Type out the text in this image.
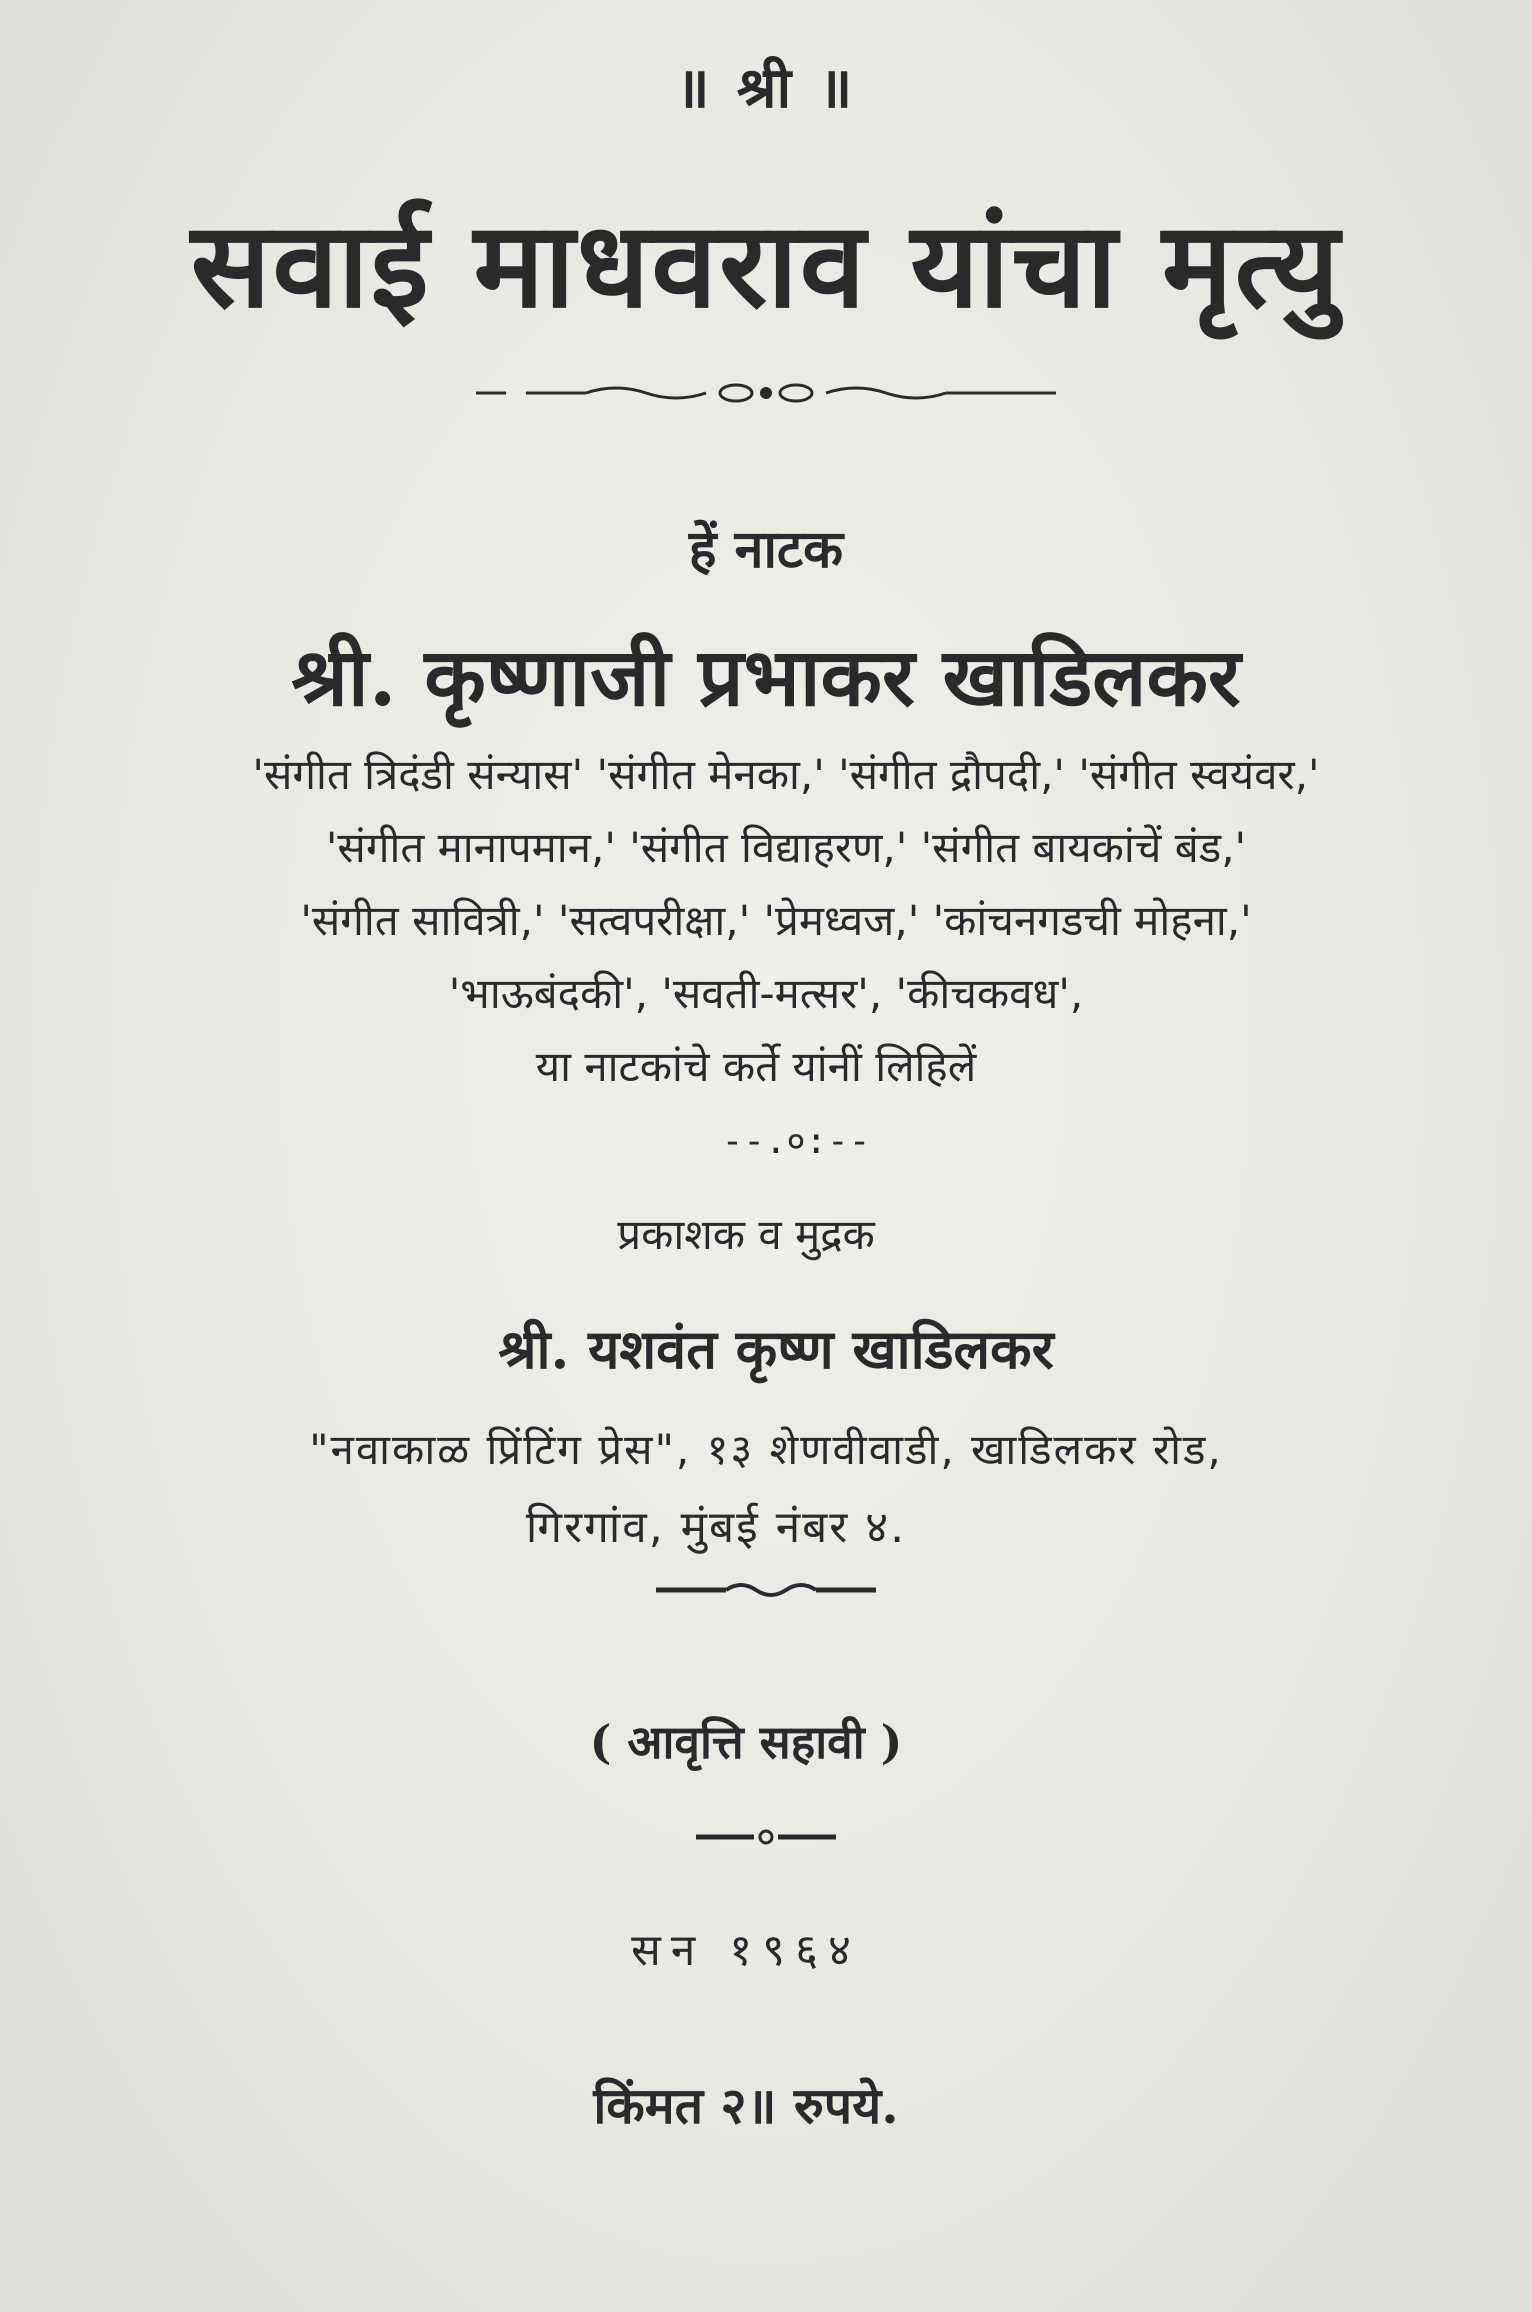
॥ श्री ॥
सवाई माधवराव यांचा मृत्यु
हें नाटक
श्री. कृष्णाजी प्रभाकर खाडिलकर
'संगीत त्रिदंडी संन्यास' 'संगीत मेनका,' 'संगीत द्रौपदी,' 'संगीत स्वयंवर,'
'संगीत मानापमान,' 'संगीत विद्याहरण,' 'संगीत बायकांचें बंड,'
'संगीत सावित्री,' 'सत्वपरीक्षा,' 'प्रेमध्वज,' 'कांचनगडची मोहना,'
'भाऊबंदकी', 'सवती-मत्सर', 'कीचकवध',
या नाटकांचे कर्ते यांनीं लिहिलें
--.०:--
प्रकाशक व मुद्रक
श्री. यशवंत कृष्ण खाडिलकर
"नवाकाळ प्रिंटिंग प्रेस", १३ शेणवीवाडी, खाडिलकर रोड,
गिरगांव, मुंबई नंबर ४.
( आवृत्ति सहावी )
सन १९६४
किंमत २॥ रुपये.
